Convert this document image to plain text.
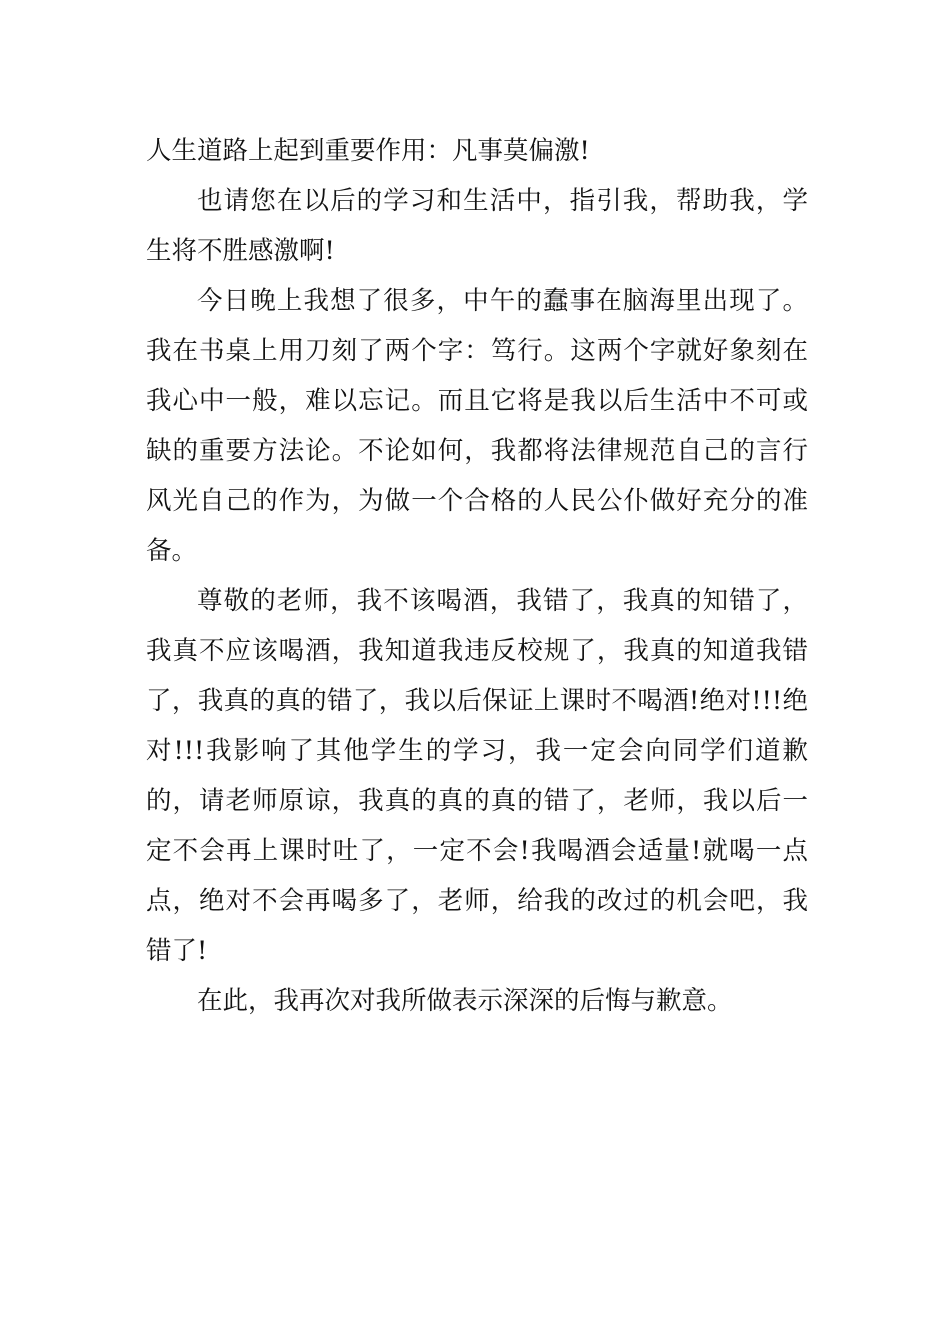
人生道路上起到重要作用：凡事莫偏激!

也请您在以后的学习和生活中，指引我，帮助我，学生将不胜感激啊!

今日晚上我想了很多，中午的蠢事在脑海里出现了。我在书桌上用刀刻了两个字：笃行。这两个字就好象刻在我心中一般，难以忘记。而且它将是我以后生活中不可或缺的重要方法论。不论如何，我都将法律规范自己的言行风光自己的作为，为做一个合格的人民公仆做好充分的准备。

尊敬的老师，我不该喝酒，我错了，我真的知错了，我真不应该喝酒，我知道我违反校规了，我真的知道我错了，我真的真的错了，我以后保证上课时不喝酒!绝对!!!绝对!!!我影响了其他学生的学习，我一定会向同学们道歉的，请老师原谅，我真的真的真的错了，老师，我以后一定不会再上课时吐了，一定不会!我喝酒会适量!就喝一点点，绝对不会再喝多了，老师，给我的改过的机会吧，我错了!

在此，我再次对我所做表示深深的后悔与歉意。
